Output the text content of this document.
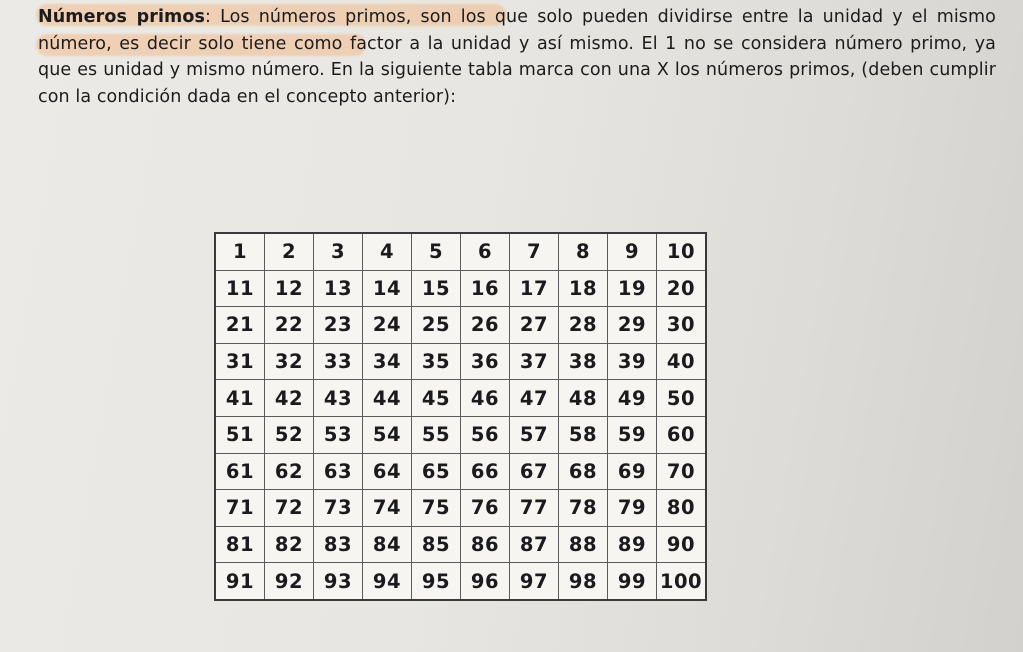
Números primos: Los números primos, son los que solo pueden dividirse entre la unidad y el mismo número, es decir solo tiene como factor a la unidad y así mismo. El 1 no se considera número primo, ya que es unidad y mismo número. En la siguiente tabla marca con una X los números primos, (deben cumplir con la condición dada en el concepto anterior):

1	2	3	4	5	6	7	8	9	10
11	12	13	14	15	16	17	18	19	20
21	22	23	24	25	26	27	28	29	30
31	32	33	34	35	36	37	38	39	40
41	42	43	44	45	46	47	48	49	50
51	52	53	54	55	56	57	58	59	60
61	62	63	64	65	66	67	68	69	70
71	72	73	74	75	76	77	78	79	80
81	82	83	84	85	86	87	88	89	90
91	92	93	94	95	96	97	98	99	100
